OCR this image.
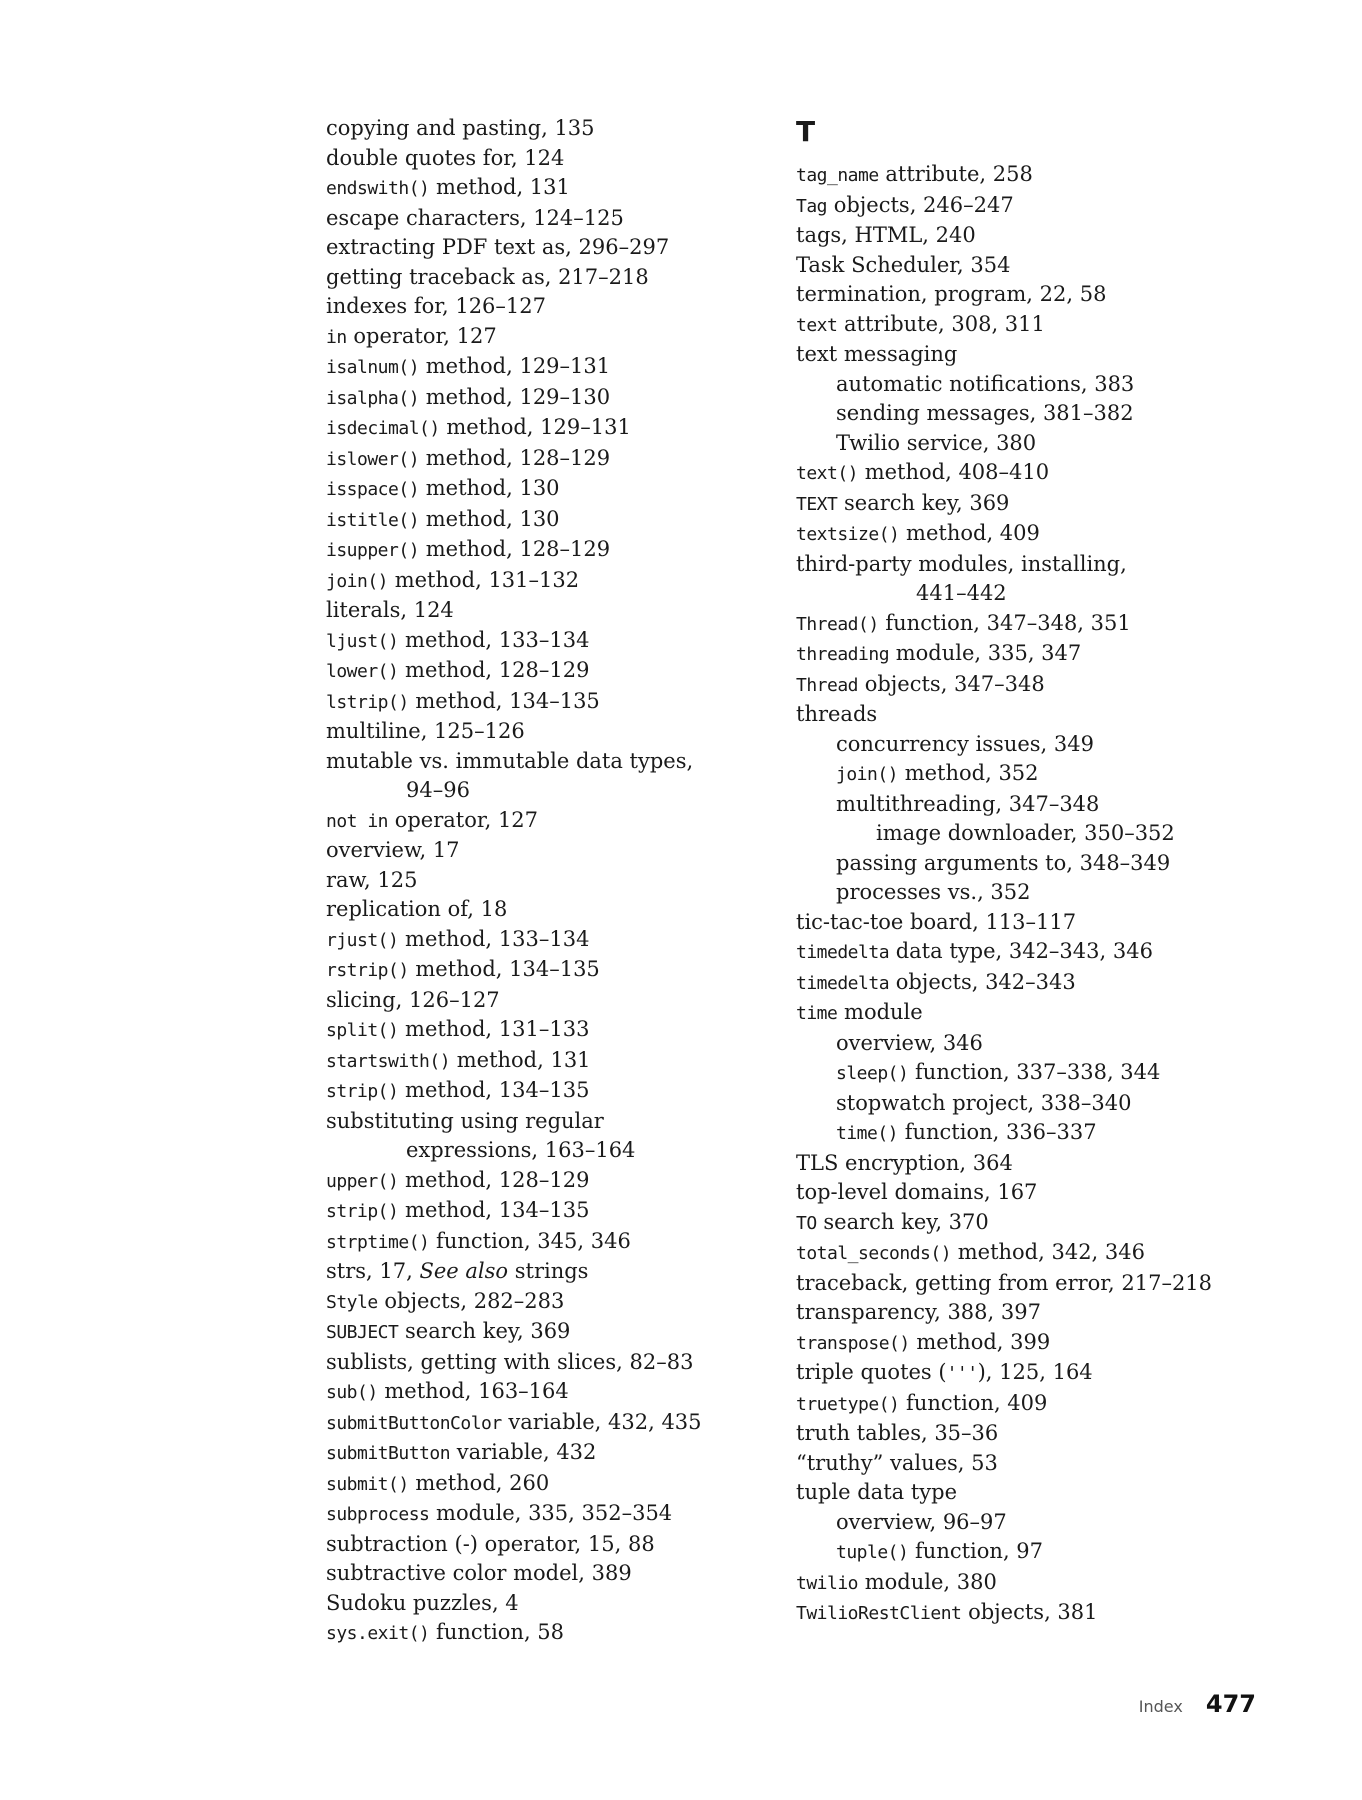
copying and pasting, 135

double quotes for, 124

endswith() method, 131

escape characters, 124–125

extracting PDF text as, 296–297

getting traceback as, 217–218

indexes for, 126–127

in operator, 127

isalnum() method, 129–131

isalpha() method, 129–130

isdecimal() method, 129–131

islower() method, 128–129

isspace() method, 130

istitle() method, 130

isupper() method, 128–129

join() method, 131–132

literals, 124

ljust() method, 133–134

lower() method, 128–129

lstrip() method, 134–135

multiline, 125–126

mutable vs. immutable data types,

94–96

not in operator, 127

overview, 17

raw, 125

replication of, 18

rjust() method, 133–134

rstrip() method, 134–135

slicing, 126–127

split() method, 131–133

startswith() method, 131

strip() method, 134–135

substituting using regular

expressions, 163–164

upper() method, 128–129

strip() method, 134–135

strptime() function, 345, 346

strs, 17, See also strings

Style objects, 282–283

SUBJECT search key, 369

sublists, getting with slices, 82–83

sub() method, 163–164

submitButtonColor variable, 432, 435

submitButton variable, 432

submit() method, 260

subprocess module, 335, 352–354

subtraction (-) operator, 15, 88

subtractive color model, 389

Sudoku puzzles, 4

sys.exit() function, 58

T

tag_name attribute, 258

Tag objects, 246–247

tags, HTML, 240

Task Scheduler, 354

termination, program, 22, 58

text attribute, 308, 311

text messaging

automatic notifications, 383

sending messages, 381–382

Twilio service, 380

text() method, 408–410

TEXT search key, 369

textsize() method, 409

third-party modules, installing,

441–442

Thread() function, 347–348, 351

threading module, 335, 347

Thread objects, 347–348

threads

concurrency issues, 349

join() method, 352

multithreading, 347–348

image downloader, 350–352

passing arguments to, 348–349

processes vs., 352

tic-tac-toe board, 113–117

timedelta data type, 342–343, 346

timedelta objects, 342–343

time module

overview, 346

sleep() function, 337–338, 344

stopwatch project, 338–340

time() function, 336–337

TLS encryption, 364

top-level domains, 167

TO search key, 370

total_seconds() method, 342, 346

traceback, getting from error, 217–218

transparency, 388, 397

transpose() method, 399

triple quotes ('''), 125, 164

truetype() function, 409

truth tables, 35–36

“truthy” values, 53

tuple data type

overview, 96–97

tuple() function, 97

twilio module, 380

TwilioRestClient objects, 381

Index 477
